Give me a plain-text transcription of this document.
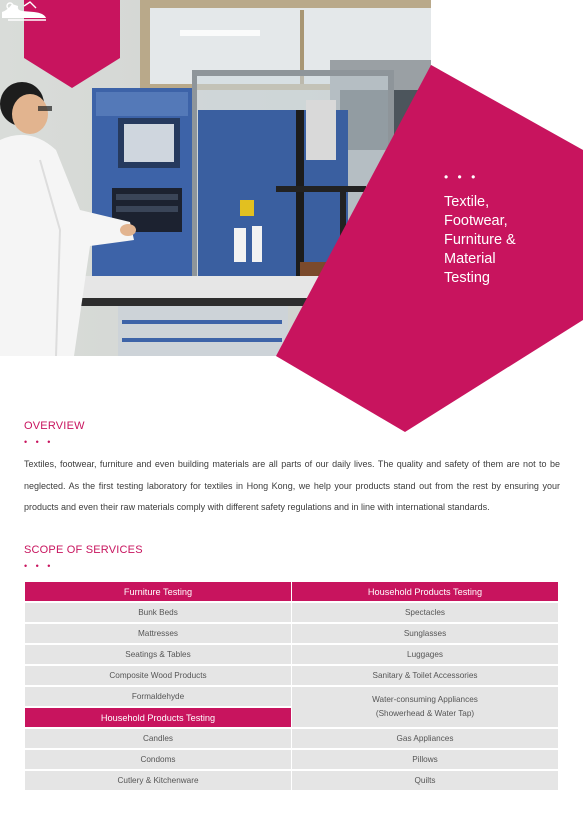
• • •
Textile,
Footwear,
Furniture &
Material
Testing
OVERVIEW
• • •

Textiles, footwear, furniture and even building materials are all parts of our daily lives. The quality and safety of them are not to be neglected. As the first testing laboratory for textiles in Hong Kong, we help your products stand out from the rest by ensuring your products and even their raw materials comply with different safety regulations and in line with international standards.

SCOPE OF SERVICES
• • •
Furniture Testing
Bunk Beds
Mattresses
Seatings & Tables
Composite Wood Products
Formaldehyde
Household Products Testing
Candles
Condoms
Cutlery & Kitchenware
Household Products Testing
Spectacles
Sunglasses
Luggages
Sanitary & Toilet Accessories
Water-consuming Appliances
(Showerhead & Water Tap)
Gas Appliances
Pillows
Quilts
